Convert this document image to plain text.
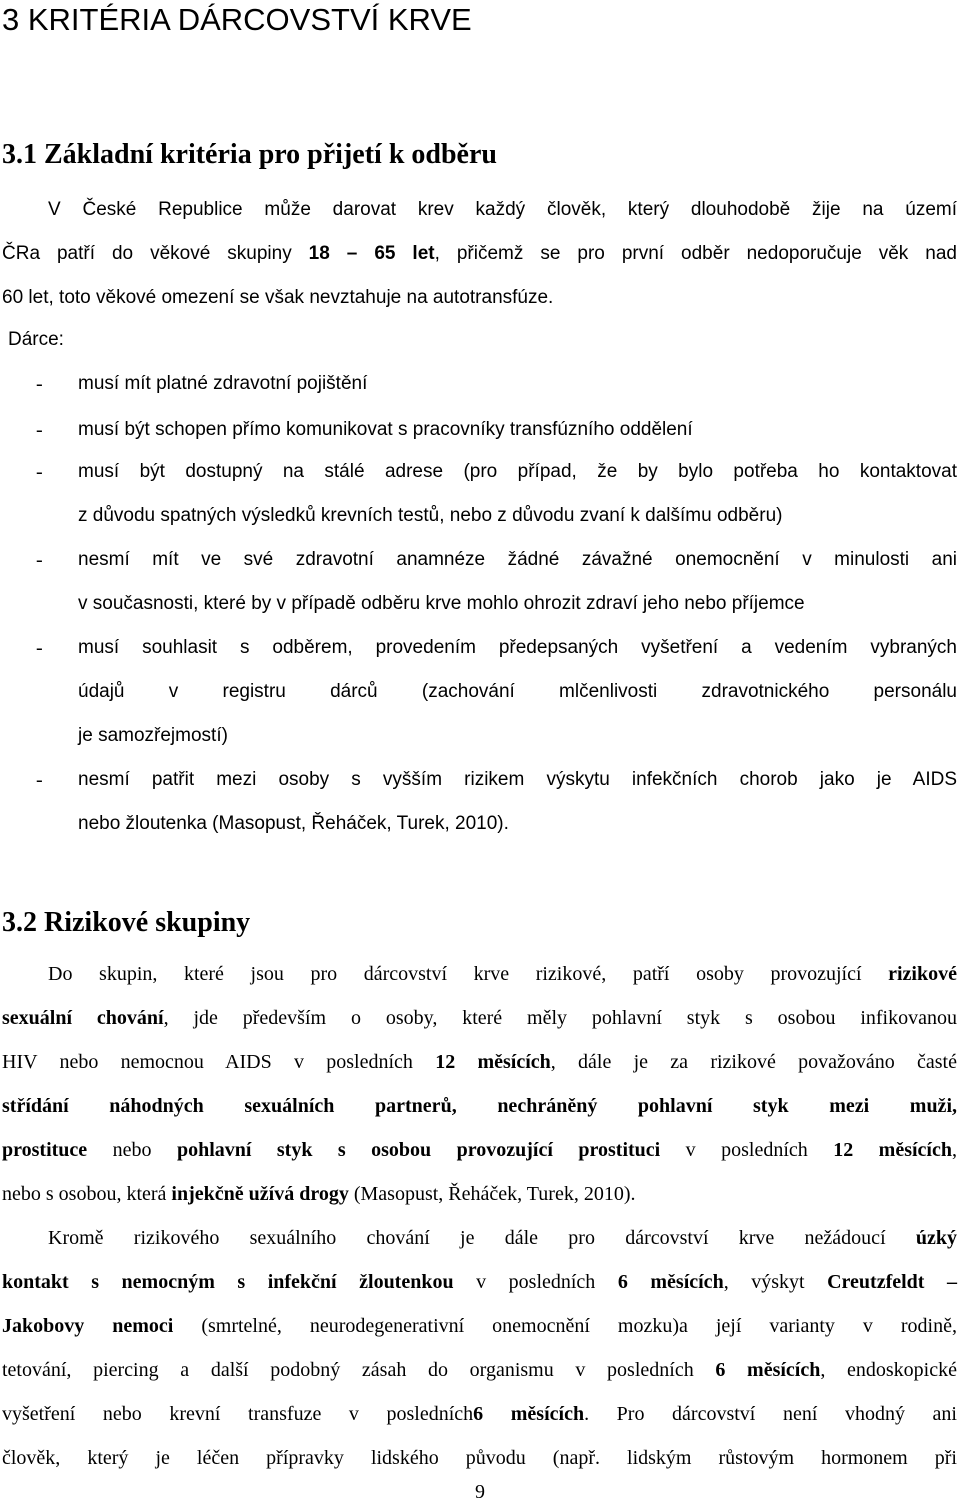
3 KRITÉRIA DÁRCOVSTVÍ KRVE
3.1 Základní kritéria pro přijetí k odběru
V České Republice může darovat krev každý člověk, který dlouhodobě žije na území
ČRa patří do věkové skupiny 18 – 65 let, přičemž se pro první odběr nedoporučuje věk nad
60 let, toto věkové omezení se však nevztahuje na autotransfúze.
Dárce:
- musí mít platné zdravotní pojištění
- musí být schopen přímo komunikovat s pracovníky transfúzního oddělení
- musí být dostupný na stálé adrese (pro případ, že by bylo potřeba ho kontaktovat
z důvodu spatných výsledků krevních testů, nebo z důvodu zvaní k dalšímu odběru)
- nesmí mít ve své zdravotní anamnéze žádné závažné onemocnění v minulosti ani
v současnosti, které by v případě odběru krve mohlo ohrozit zdraví jeho nebo příjemce
- musí souhlasit s odběrem, provedením předepsaných vyšetření a vedením vybraných
údajů v registru dárců (zachování mlčenlivosti zdravotnického personálu
je samozřejmostí)
- nesmí patřit mezi osoby s vyšším rizikem výskytu infekčních chorob jako je AIDS
nebo žloutenka (Masopust, Řeháček, Turek, 2010).
3.2 Rizikové skupiny
Do skupin, které jsou pro dárcovství krve rizikové, patří osoby provozující rizikové
sexuální chování, jde především o osoby, které měly pohlavní styk s osobou infikovanou
HIV nebo nemocnou AIDS v posledních 12 měsících, dále je za rizikové považováno časté
střídání náhodných sexuálních partnerů, nechráněný pohlavní styk mezi muži,
prostituce nebo pohlavní styk s osobou provozující prostituci v posledních 12 měsících,
nebo s osobou, která injekčně užívá drogy (Masopust, Řeháček, Turek, 2010).
Kromě rizikového sexuálního chování je dále pro dárcovství krve nežádoucí úzký
kontakt s nemocným s infekční žloutenkou v posledních 6 měsících, výskyt Creutzfeldt –
Jakobovy nemoci (smrtelné, neurodegenerativní onemocnění mozku)a její varianty v rodině,
tetování, piercing a další podobný zásah do organismu v posledních 6 měsících, endoskopické
vyšetření nebo krevní transfuze v posledních6 měsících. Pro dárcovství není vhodný ani
člověk, který je léčen přípravky lidského původu (např. lidským růstovým hormonem při
9
